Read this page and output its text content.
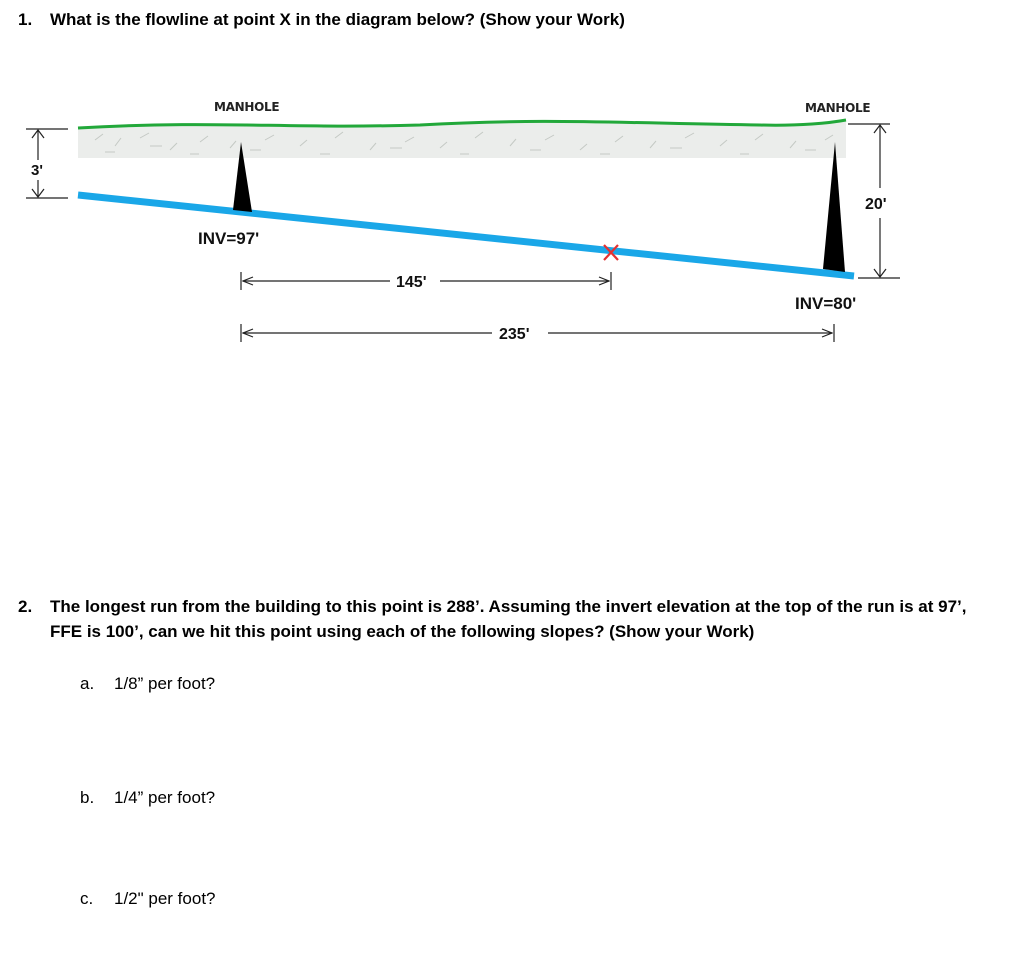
1. What is the flowline at point X in the diagram below? (Show your Work)
3'
20'
MANHOLE	MANHOLE
INV=97'
INV=80'
145'
235'
2. The longest run from the building to this point is 288’. Assuming the invert elevation at the top of the run is at 97’, FFE is 100’, can we hit this point using each of the following slopes? (Show your Work)
a. 1/8” per foot?
b. 1/4” per foot?
c. 1/2" per foot?
